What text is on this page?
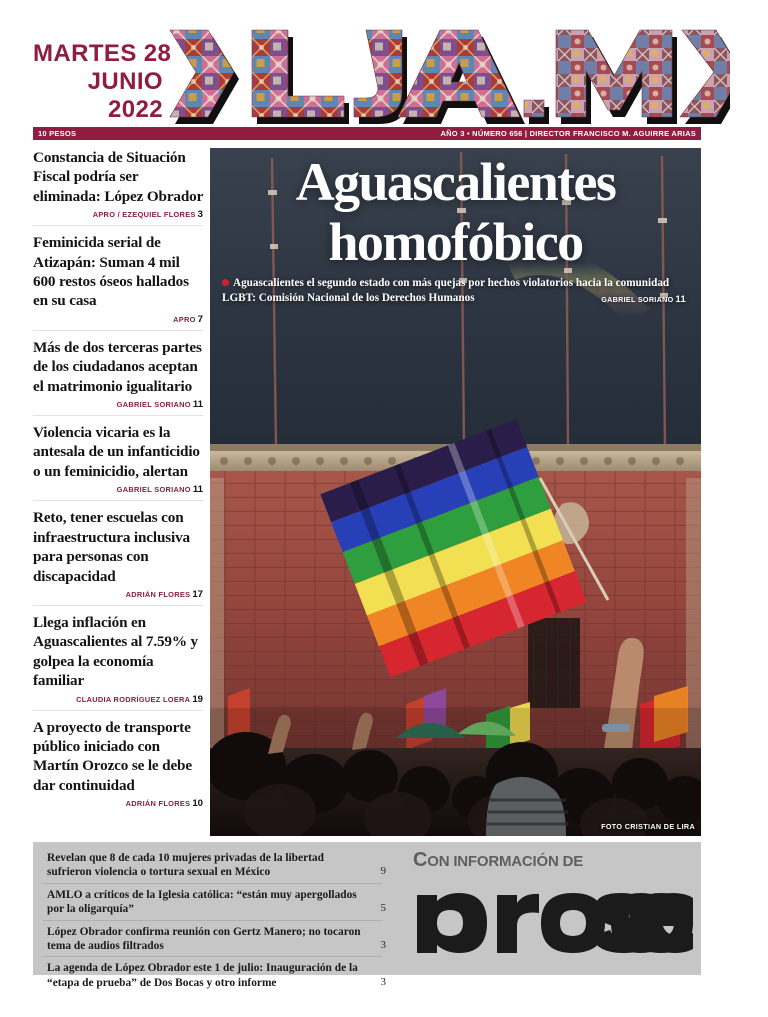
MARTES 28
JUNIO
2022
10 PESOS	AÑO 3 • NÚMERO 656 | DIRECTOR FRANCISCO M. AGUIRRE ARIAS

Constancia de Situación Fiscal podría ser eliminada: López Obrador

APRO / EZEQUIEL FLORES 3

Feminicida serial de Atizapán: Suman 4 mil 600 restos óseos hallados en su casa

APRO 7

Más de dos terceras partes de los ciudadanos aceptan el matrimonio igualitario

GABRIEL SORIANO 11

Violencia vicaria es la antesala de un infanticidio o un feminicidio, alertan

GABRIEL SORIANO 11

Reto, tener escuelas con infraestructura inclusiva para personas con discapacidad

ADRIÁN FLORES 17

Llega inflación en Aguascalientes al 7.59% y golpea la economía familiar

CLAUDIA RODRÍGUEZ LOERA 19

A proyecto de transporte público iniciado con Martín Orozco se le debe dar continuidad

ADRIÁN FLORES 10
Aguascalientes
homofóbico
Aguascalientes el segundo estado con más quejas por hechos violatorios hacia la comunidad LGBT: Comisión Nacional de los Derechos Humanos	GABRIEL SORIANO 11
FOTO CRISTIAN DE LIRA
Revelan que 8 de cada 10 mujeres privadas de la libertad sufrieron violencia o tortura sexual en México	9
AMLO a críticos de la Iglesia católica: “están muy apergollados por la oligarquía”	5
López Obrador confirma reunión con Gertz Manero; no tocaron tema de audios filtrados	3
La agenda de López Obrador este 1 de julio: Inauguración de la “etapa de prueba” de Dos Bocas y otro informe	3
CON INFORMACIÓN DE
